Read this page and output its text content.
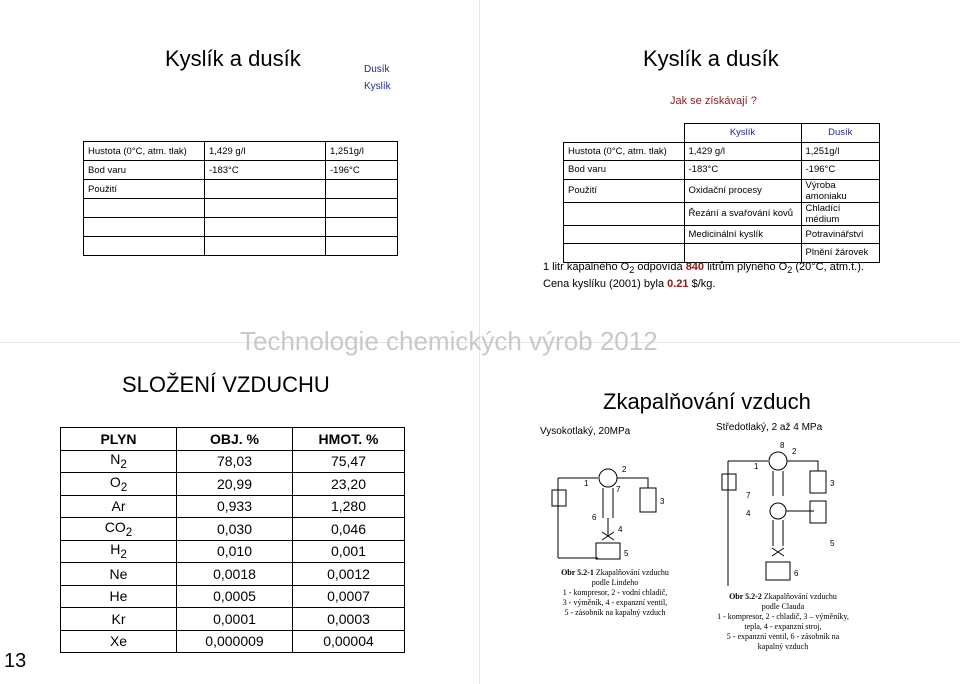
Kyslík a dusík	Dusík
Kyslík
Hustota (0°C, atm. tlak)	1,429 g/l	1,251g/l
Bod varu	-183°C	-196°C
Použití		

Kyslík a dusík
Jak se získávají ?
	Kyslík	Dusík
Hustota (0°C, atm. tlak)	1,429 g/l	1,251g/l
Bod varu	-183°C	-196°C
Použití	Oxidační procesy	Výroba amoniaku
	Řezání a svařování kovů	Chladící médium
	Medicinální kyslík	Potravinářství
		Plnění žárovek
1 litr kapalného $O_2$ odpovídá 840 litrům plyného $O_2$ (20°C, atm.t.).
Cena kyslíku (2001) byla 0.21 $/kg.
Technologie chemických výrob 2012
SLOŽENÍ VZDUCHU
PLYN	OBJ. %	HMOT. %
$N_2$	78,03	75,47
$O_2$	20,99	23,20
Ar	0,933	1,280
$CO_2$	0,030	0,046
$H_2$	0,010	0,001
Ne	0,0018	0,0012
He	0,0005	0,0007
Kr	0,0001	0,0003
Xe	0,000009	0,00004
13
Zkapalňování vzduch
Vysokotlaký, 20MPa	Středotlaký, 2 až 4 MPa
1
2
3
4
5
6
7
Obr 5.2-1 Zkapalňování vzduchu
podle Lindeho
1 - kompresor, 2 - vodní chladič,
3 - výměník, 4 - expanzní ventil,
5 - zásobník na kapalný vzduch
1
2
3
4
5
6
7
8
Obr 5.2-2 Zkapalňování vzduchu
podle Clauda
1 - kompresor, 2 - chladič, 3 – výměníky,
tepla, 4 - expanzní stroj,
5 - expanzní ventil, 6 - zásobník na
kapalný vzduch
